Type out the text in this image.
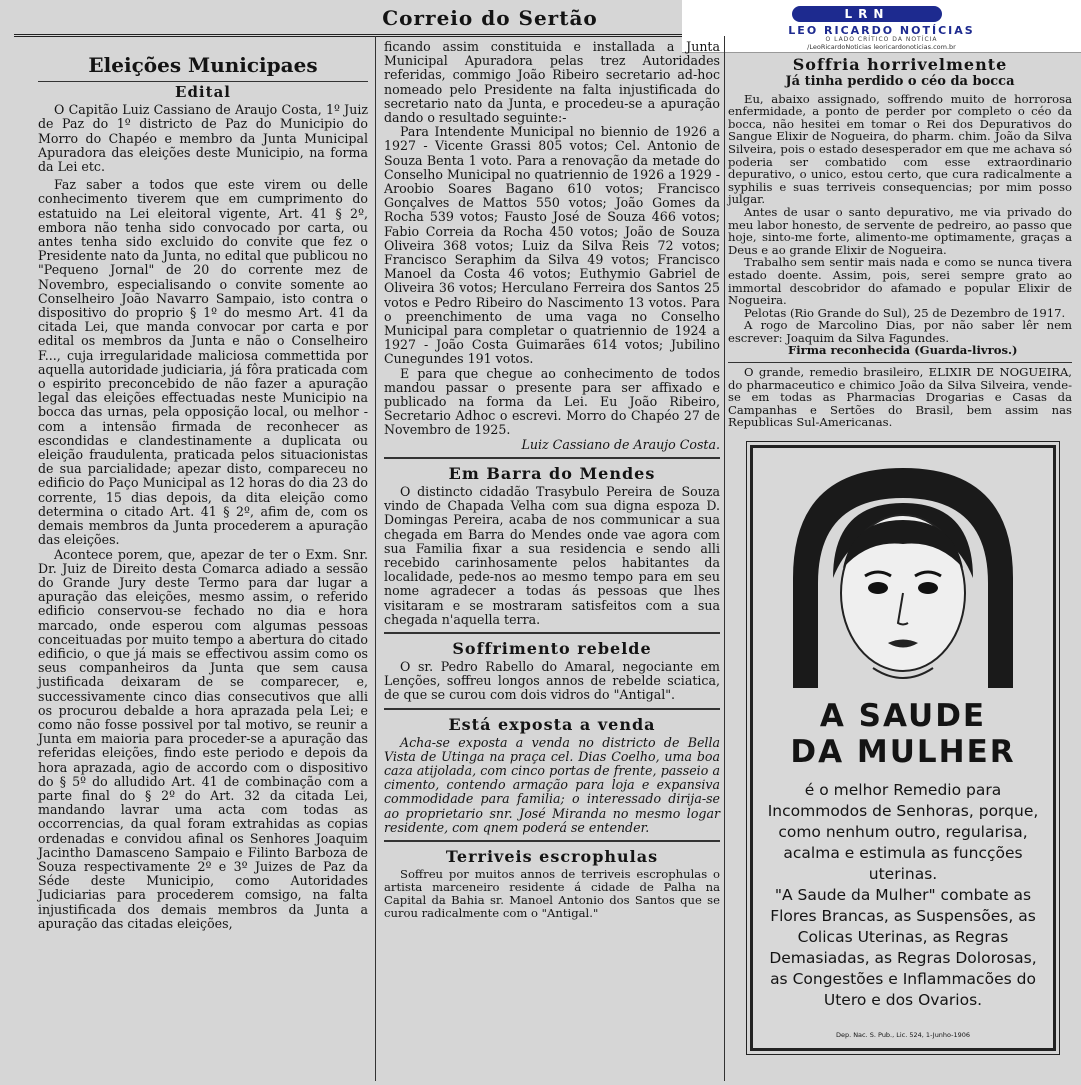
Correio do Sertão	LRN
LEO RICARDO NOTÍCIAS
O LADO CRÍTICO DA NOTÍCIA
/LeoRicardoNoticias leoricardonoticias.com.br
Eleições Municipaes
Edital

O Capitão Luiz Cassiano de Araujo Costa, 1º Juiz de Paz do 1º districto de Paz do Municipio do Morro do Chapéo e membro da Junta Municipal Apuradora das eleições deste Municipio, na forma da Lei etc.

Faz saber a todos que este virem ou delle conhecimento tiverem que em cumprimento do estatuido na Lei eleitoral vigente, Art. 41 § 2º, embora não tenha sido convocado por carta, ou antes tenha sido excluido do convite que fez o Presidente nato da Junta, no edital que publicou no "Pequeno Jornal" de 20 do corrente mez de Novembro, especialisando o convite somente ao Conselheiro João Navarro Sampaio, isto contra o dispositivo do proprio § 1º do mesmo Art. 41 da citada Lei, que manda convocar por carta e por edital os membros da Junta e não o Conselheiro F..., cuja irregularidade maliciosa commettida por aquella autoridade judiciaria, já fôra praticada com o espirito preconcebido de não fazer a apuração legal das eleições effectuadas neste Municipio na bocca das urnas, pela opposição local, ou melhor - com a intensão firmada de reconhecer as escondidas e clandestinamente a duplicata ou eleição fraudulenta, praticada pelos situacionistas de sua parcialidade; apezar disto, compareceu no edificio do Paço Municipal as 12 horas do dia 23 do corrente, 15 dias depois, da dita eleição como determina o citado Art. 41 § 2º, afim de, com os demais membros da Junta procederem a apuração das eleições.

Acontece porem, que, apezar de ter o Exm. Snr. Dr. Juiz de Direito desta Comarca adiado a sessão do Grande Jury deste Termo para dar lugar a apuração das eleições, mesmo assim, o referido edificio conservou-se fechado no dia e hora marcado, onde esperou com algumas pessoas conceituadas por muito tempo a abertura do citado edificio, o que já mais se effectivou assim como os seus companheiros da Junta que sem causa justificada deixaram de se comparecer, e, successivamente cinco dias consecutivos que alli os procurou debalde a hora aprazada pela Lei; e como não fosse possivel por tal motivo, se reunir a Junta em maioria para proceder-se a apuração das referidas eleições, findo este periodo e depois da hora aprazada, agio de accordo com o dispositivo do § 5º do alludido Art. 41 de combinação com a parte final do § 2º do Art. 32 da citada Lei, mandando lavrar uma acta com todas as occorrencias, da qual foram extrahidas as copias ordenadas e convidou afinal os Senhores Joaquim Jacintho Damasceno Sampaio e Filinto Barboza de Souza respectivamente 2º e 3º Juizes de Paz da Séde deste Municipio, como Autoridades Judiciarias para procederem comsigo, na falta injustificada dos demais membros da Junta a apuração das citadas eleições,

ficando assim constituida e installada a Junta Municipal Apuradora pelas trez Autoridades referidas, commigo João Ribeiro secretario ad-hoc nomeado pelo Presidente na falta injustificada do secretario nato da Junta, e procedeu-se a apuração dando o resultado seguinte:-

Para Intendente Municipal no biennio de 1926 a 1927 - Vicente Grassi 805 votos; Cel. Antonio de Souza Benta 1 voto. Para a renovação da metade do Conselho Municipal no quatriennio de 1926 a 1929 - Aroobio Soares Bagano 610 votos; Francisco Gonçalves de Mattos 550 votos; João Gomes da Rocha 539 votos; Fausto José de Souza 466 votos; Fabio Correia da Rocha 450 votos; João de Souza Oliveira 368 votos; Luiz da Silva Reis 72 votos; Francisco Seraphim da Silva 49 votos; Francisco Manoel da Costa 46 votos; Euthymio Gabriel de Oliveira 36 votos; Herculano Ferreira dos Santos 25 votos e Pedro Ribeiro do Nascimento 13 votos. Para o preenchimento de uma vaga no Conselho Municipal para completar o quatriennio de 1924 a 1927 - João Costa Guimarães 614 votos; Jubilino Cunegundes 191 votos.

E para que chegue ao conhecimento de todos mandou passar o presente para ser affixado e publicado na forma da Lei. Eu João Ribeiro, Secretario Adhoc o escrevi. Morro do Chapéo 27 de Novembro de 1925.

Luiz Cassiano de Araujo Costa.
Em Barra do Mendes

O distincto cidadão Trasybulo Pereira de Souza vindo de Chapada Velha com sua digna espoza D. Domingas Pereira, acaba de nos communicar a sua chegada em Barra do Mendes onde vae agora com sua Familia fixar a sua residencia e sendo alli recebido carinhosamente pelos habitantes da localidade, pede-nos ao mesmo tempo para em seu nome agradecer a todas ás pessoas que lhes visitaram e se mostraram satisfeitos com a sua chegada n'aquella terra.

Soffrimento rebelde

O sr. Pedro Rabello do Amaral, negociante em Lenções, soffreu longos annos de rebelde sciatica, de que se curou com dois vidros do "Antigal".

Está exposta a venda

Acha-se exposta a venda no districto de Bella Vista de Utinga na praça cel. Dias Coelho, uma boa caza atijolada, com cinco portas de frente, passeio a cimento, contendo armação para loja e expansiva commodidade para familia; o interessado dirija-se ao proprietario snr. José Miranda no mesmo logar residente, com qnem poderá se entender.

Terriveis escrophulas

Soffreu por muitos annos de terriveis escrophulas o artista marceneiro residente á cidade de Palha na Capital da Bahia sr. Manoel Antonio dos Santos que se curou radicalmente com o "Antigal."

Soffria horrivelmente
Já tinha perdido o céo da bocca

Eu, abaixo assignado, soffrendo muito de horrorosa enfermidade, a ponto de perder por completo o céo da bocca, não hesitei em tomar o Rei dos Depurativos do Sangue Elixir de Nogueira, do pharm. chim. João da Silva Silveira, pois o estado desesperador em que me achava só poderia ser combatido com esse extraordinario depurativo, o unico, estou certo, que cura radicalmente a syphilis e suas terriveis consequencias; por mim posso julgar.

Antes de usar o santo depurativo, me via privado do meu labor honesto, de servente de pedreiro, ao passo que hoje, sinto-me forte, alimento-me optimamente, graças a Deus e ao grande Elixir de Nogueira.

Trabalho sem sentir mais nada e como se nunca tivera estado doente. Assim, pois, serei sempre grato ao immortal descobridor do afamado e popular Elixir de Nogueira.

Pelotas (Rio Grande do Sul), 25 de Dezembro de 1917.

A rogo de Marcolino Dias, por não saber lêr nem escrever: Joaquim da Silva Fagundes.

Firma reconhecida (Guarda-livros.)

O grande, remedio brasileiro, ELIXIR DE NOGUEIRA, do pharmaceutico e chimico João da Silva Silveira, vende-se em todas as Pharmacias Drogarias e Casas da Campanhas e Sertões do Brasil, bem assim nas Republicas Sul-Americanas.

A SAUDE
DA MULHER
é o melhor Remedio para Incommodos de Senhoras, porque, como nenhum outro, regularisa, acalma e estimula as funcções uterinas.
"A Saude da Mulher" combate as Flores Brancas, as Suspensões, as Colicas Uterinas, as Regras Demasiadas, as Regras Dolorosas, as Congestões e Inflammacões do Utero e dos Ovarios.
Dep. Nac. S. Pub., Lic. 524, 1-Junho-1906
